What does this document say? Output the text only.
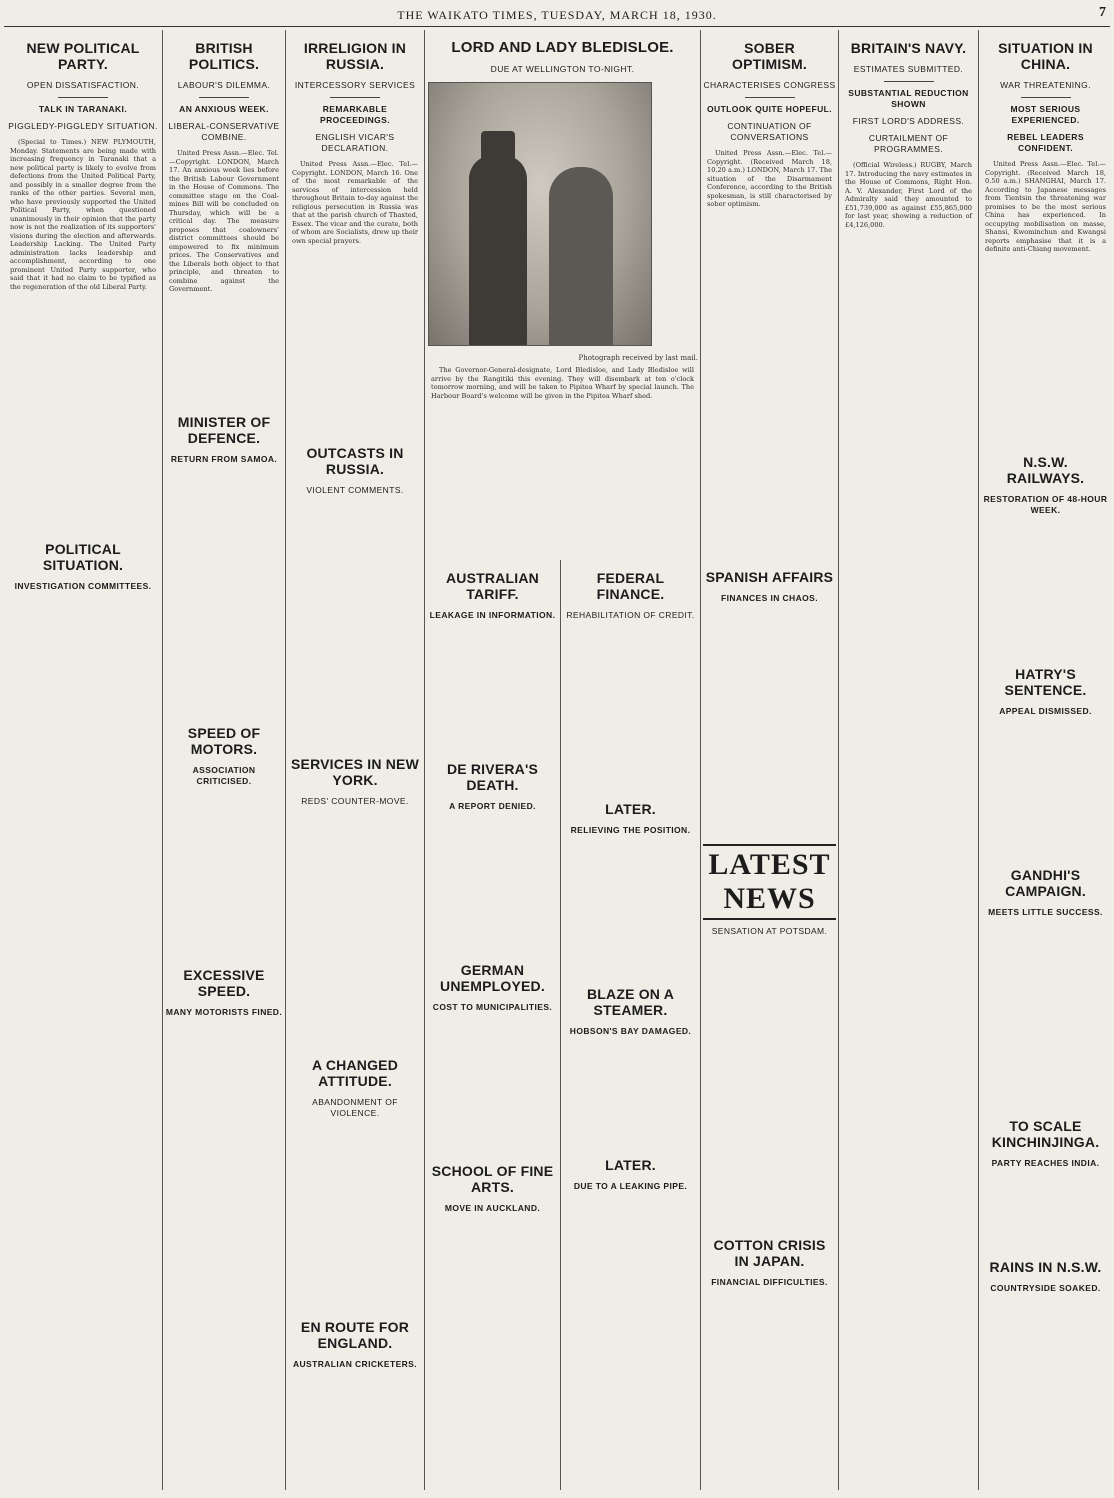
THE WAIKATO TIMES, TUESDAY, MARCH 18, 1930.	7
NEW POLITICAL PARTY.
OPEN DISSATISFACTION.
TALK IN TARANAKI.
PIGGLEDY-PIGGLEDY SITUATION.

(Special to Times.) NEW PLYMOUTH, Monday. Statements are being made with increasing frequency in Taranaki that a new political party is likely to evolve from defections from the United Political Party, and possibly in a smaller degree from the ranks of the other parties. Several men, who have previously supported the United Political Party, when questioned unanimously in their opinion that the party now is not the realization of its supporters' visions during the election and afterwards. Leadership Lacking. The United Party administration lacks leadership and accomplishment, according to one prominent United Party supporter, who said that it had no claim to be typified as the regeneration of the old Liberal Party.

POLITICAL SITUATION.
INVESTIGATION COMMITTEES.
BRITISH POLITICS.
LABOUR'S DILEMMA.
AN ANXIOUS WEEK.
LIBERAL-CONSERVATIVE COMBINE.

United Press Assn.—Elec. Tel.—Copyright. LONDON, March 17. An anxious week lies before the British Labour Government in the House of Commons. The committee stage on the Coal-mines Bill will be concluded on Thursday, which will be a critical day. The measure proposes that coalowners' district committees should be empowered to fix minimum prices. The Conservatives and the Liberals both object to that principle, and threaten to combine against the Government.

MINISTER OF DEFENCE.
RETURN FROM SAMOA.
SPEED OF MOTORS.
ASSOCIATION CRITICISED.
EXCESSIVE SPEED.
MANY MOTORISTS FINED.
IRRELIGION IN RUSSIA.
INTERCESSORY SERVICES
REMARKABLE PROCEEDINGS.
ENGLISH VICAR'S DECLARATION.

United Press Assn.—Elec. Tel.—Copyright. LONDON, March 16. One of the most remarkable of the services of intercession held throughout Britain to-day against the religious persecution in Russia was that at the parish church of Thaxted, Essex. The vicar and the curate, both of whom are Socialists, drew up their own special prayers.

OUTCASTS IN RUSSIA.
VIOLENT COMMENTS.
SERVICES IN NEW YORK.
REDS' COUNTER-MOVE.
A CHANGED ATTITUDE.
ABANDONMENT OF VIOLENCE.
EN ROUTE FOR ENGLAND.
AUSTRALIAN CRICKETERS.
LORD AND LADY BLEDISLOE.
DUE AT WELLINGTON TO-NIGHT.
Photograph received by last mail.

The Governor-General-designate, Lord Bledisloe, and Lady Bledisloe will arrive by the Rangitiki this evening. They will disembark at ten o'clock tomorrow morning, and will be taken to Pipitea Wharf by special launch. The Harbour Board's welcome will be given in the Pipitea Wharf shed.

AUSTRALIAN TARIFF.
LEAKAGE IN INFORMATION.
DE RIVERA'S DEATH.
A REPORT DENIED.
GERMAN UNEMPLOYED.
COST TO MUNICIPALITIES.
SCHOOL OF FINE ARTS.
MOVE IN AUCKLAND.
FEDERAL FINANCE.
REHABILITATION OF CREDIT.
LATER.
RELIEVING THE POSITION.
BLAZE ON A STEAMER.
HOBSON'S BAY DAMAGED.
LATER.
DUE TO A LEAKING PIPE.
SOBER OPTIMISM.
CHARACTERISES CONGRESS
OUTLOOK QUITE HOPEFUL.
CONTINUATION OF CONVERSATIONS

United Press Assn.—Elec. Tel.—Copyright. (Received March 18, 10.20 a.m.) LONDON, March 17. The situation of the Disarmament Conference, according to the British spokesman, is still characterised by sober optimism.

SPANISH AFFAIRS
FINANCES IN CHAOS.
LATEST NEWS
SENSATION AT POTSDAM.
COTTON CRISIS IN JAPAN.
FINANCIAL DIFFICULTIES.
BRITAIN'S NAVY.
ESTIMATES SUBMITTED.
SUBSTANTIAL REDUCTION SHOWN
FIRST LORD'S ADDRESS.
CURTAILMENT OF PROGRAMMES.

(Official Wireless.) RUGBY, March 17. Introducing the navy estimates in the House of Commons, Right Hon. A. V. Alexander, First Lord of the Admiralty said they amounted to £51,739,000 as against £55,865,000 for last year, showing a reduction of £4,126,000.

SITUATION IN CHINA.
WAR THREATENING.
MOST SERIOUS EXPERIENCED.
REBEL LEADERS CONFIDENT.

United Press Assn.—Elec. Tel.—Copyright. (Received March 18, 0.50 a.m.) SHANGHAI, March 17. According to Japanese messages from Tientsin the threatening war promises to be the most serious China has experienced. In occupying mobilisation on masse, Shansi, Kwominchun and Kwangsi reports emphasise that it is a definite anti-Chiang movement.

N.S.W. RAILWAYS.
RESTORATION OF 48-HOUR WEEK.
HATRY'S SENTENCE.
APPEAL DISMISSED.
GANDHI'S CAMPAIGN.
MEETS LITTLE SUCCESS.
TO SCALE KINCHINJINGA.
PARTY REACHES INDIA.
RAINS IN N.S.W.
COUNTRYSIDE SOAKED.
